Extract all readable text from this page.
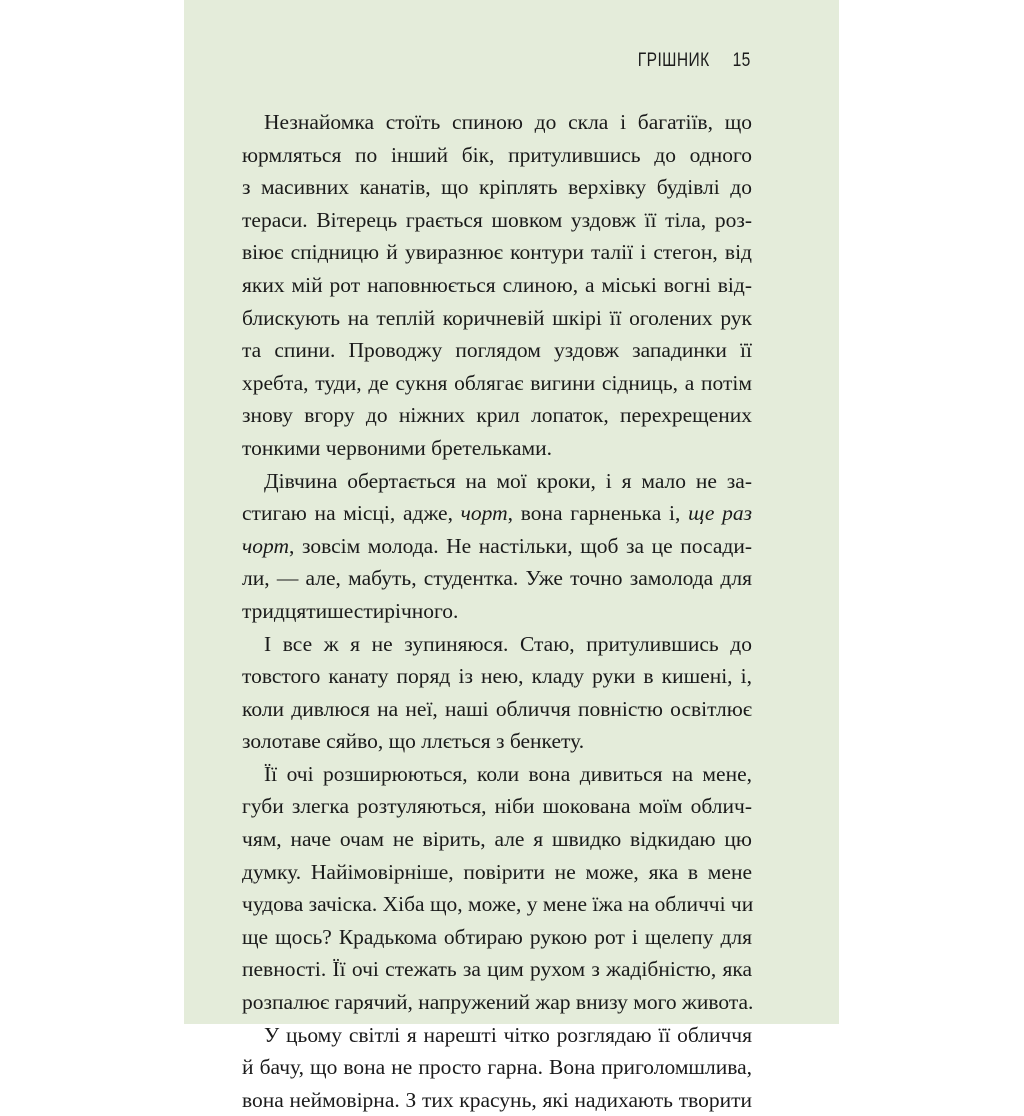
ГРІШНИК 15
Незнайомка стоїть спиною до скла і багатіїв, що
юрмляться по інший бік, притулившись до одного
з масивних канатів, що кріплять верхівку будівлі до
тераси. Вітерець грається шовком уздовж її тіла, роз-
віює спідницю й увиразнює контури талії і стегон, від
яких мій рот наповнюється слиною, а міські вогні від-
блискують на теплій коричневій шкірі її оголених рук
та спини. Проводжу поглядом уздовж западинки її
хребта, туди, де сукня облягає вигини сідниць, а потім
знову вгору до ніжних крил лопаток, перехрещених
тонкими червоними бретельками.
Дівчина обертається на мої кроки, і я мало не за-
стигаю на місці, адже, чорт, вона гарненька і, ще раз
чорт, зовсім молода. Не настільки, щоб за це посади-
ли, — але, мабуть, студентка. Уже точно замолода для
тридцятишестирічного.
І все ж я не зупиняюся. Стаю, притулившись до
товстого канату поряд із нею, кладу руки в кишені, і,
коли дивлюся на неї, наші обличчя повністю освітлює
золотаве сяйво, що ллється з бенкету.
Її очі розширюються, коли вона дивиться на мене,
губи злегка розтуляються, ніби шокована моїм облич-
чям, наче очам не вірить, але я швидко відкидаю цю
думку. Найімовірніше, повірити не може, яка в мене
чудова зачіска. Хіба що, може, у мене їжа на обличчі чи
ще щось? Крадькома обтираю рукою рот і щелепу для
певності. Її очі стежать за цим рухом з жадібністю, яка
розпалює гарячий, напружений жар внизу мого живота.
У цьому світлі я нарешті чітко розглядаю її обличчя
й бачу, що вона не просто гарна. Вона приголомшлива,
вона неймовірна. З тих красунь, які надихають творити
